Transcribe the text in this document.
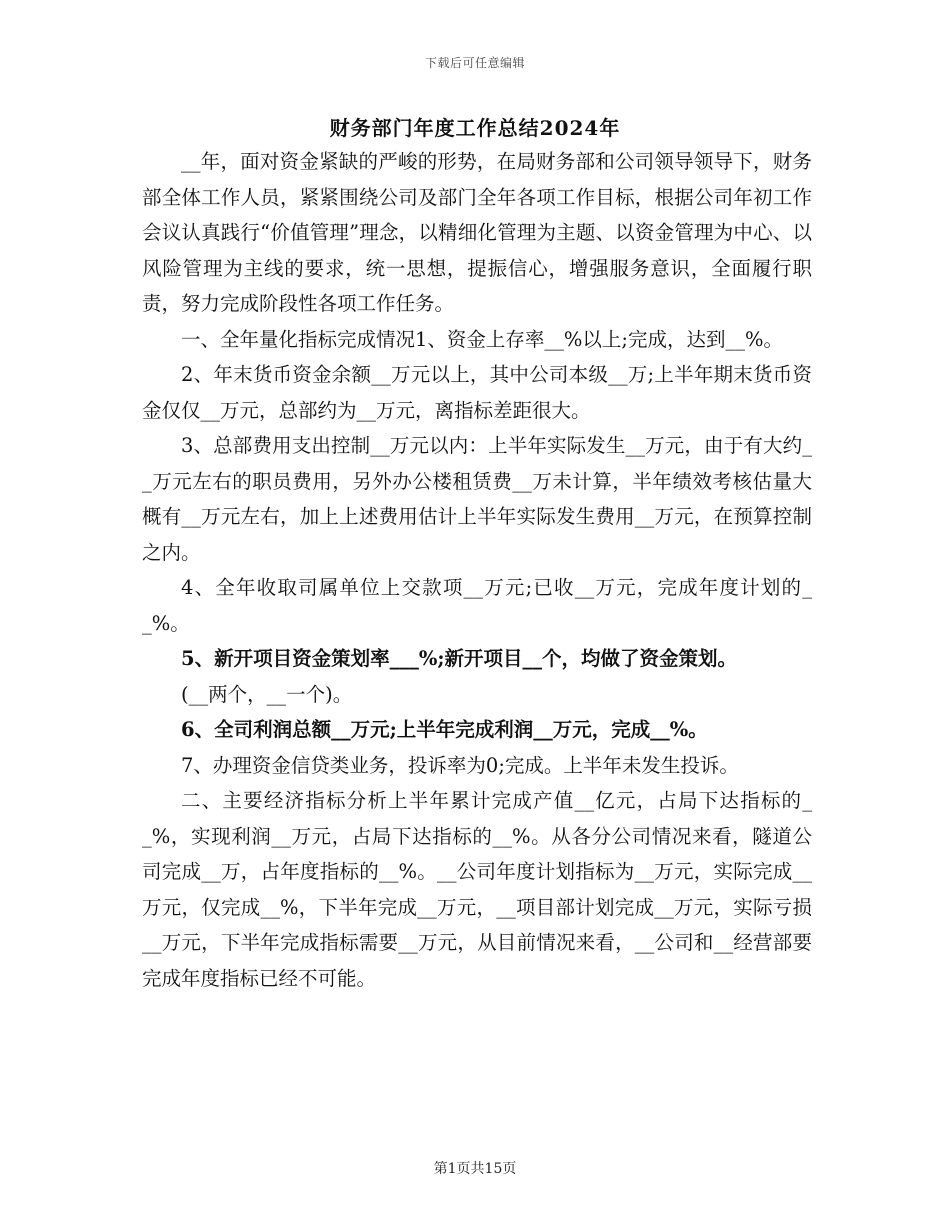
下载后可任意编辑
财务部门年度工作总结2024年

__年，面对资金紧缺的严峻的形势，在局财务部和公司领导领导下，财务部全体工作人员，紧紧围绕公司及部门全年各项工作目标，根据公司年初工作会议认真践行“价值管理”理念，以精细化管理为主题、以资金管理为中心、以风险管理为主线的要求，统一思想，提振信心，增强服务意识，全面履行职责，努力完成阶段性各项工作任务。

一、全年量化指标完成情况1、资金上存率__%以上;完成，达到__%。

2、年末货币资金余额__万元以上，其中公司本级__万;上半年期末货币资金仅仅__万元，总部约为__万元，离指标差距很大。

3、总部费用支出控制__万元以内：上半年实际发生__万元，由于有大约__万元左右的职员费用，另外办公楼租赁费__万未计算，半年绩效考核估量大概有__万元左右，加上上述费用估计上半年实际发生费用__万元，在预算控制之内。

4、全年收取司属单位上交款项__万元;已收__万元，完成年度计划的__%。

5、新开项目资金策划率___%;新开项目__个，均做了资金策划。

(__两个，__一个)。

6、全司利润总额__万元;上半年完成利润__万元，完成__%。

7、办理资金信贷类业务，投诉率为0;完成。上半年未发生投诉。

二、主要经济指标分析上半年累计完成产值__亿元，占局下达指标的__%，实现利润__万元，占局下达指标的__%。从各分公司情况来看，隧道公司完成__万，占年度指标的__%。__公司年度计划指标为__万元，实际完成__万元，仅完成__%，下半年完成__万元，__项目部计划完成__万元，实际亏损__万元，下半年完成指标需要__万元，从目前情况来看，__公司和__经营部要完成年度指标已经不可能。

第1页共15页
